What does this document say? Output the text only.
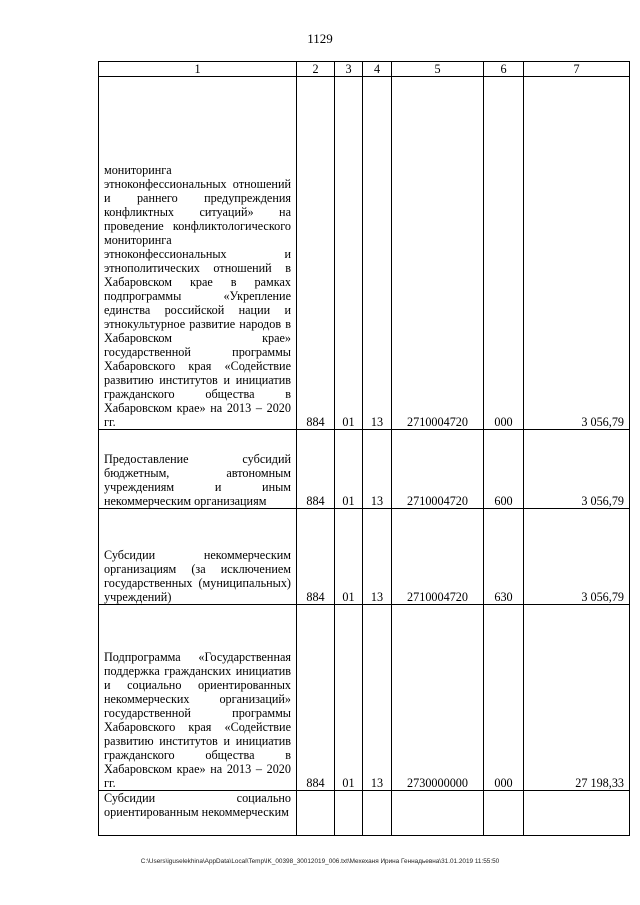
1129
1	2	3	4	5	6	7
мониторинга этноконфессиональных отношений и раннего предупреждения конфликтных ситуаций» на проведение конфликтологического мониторинга этноконфессиональных и этнополитических отношений в Хабаровском крае в рамках подпрограммы «Укрепление единства российской нации и этнокультурное развитие народов в Хабаровском крае» государственной программы Хабаровского края «Содействие развитию институтов и инициатив гражданского общества в Хабаровском крае» на 2013 – 2020 гг.	884	01	13	2710004720	000	3 056,79
Предоставление субсидий бюджетным, автономным учреждениям и иным некоммерческим организациям	884	01	13	2710004720	600	3 056,79
Субсидии некоммерческим организациям (за исключением государственных (муниципальных) учреждений)	884	01	13	2710004720	630	3 056,79
Подпрограмма «Государственная поддержка гражданских инициатив и социально ориентированных некоммерческих организаций» государственной программы Хабаровского края «Содействие развитию институтов и инициатив гражданского общества в Хабаровском крае» на 2013 – 2020 гг.	884	01	13	2730000000	000	27 198,33
Субсидии социально ориентированным некоммерческим						
C:\Users\iguselekhina\AppData\Local\Temp\IK_00398_30012019_006.txt\Мехеханя Ирина Геннадьевна\31.01.2019 11:55:50
